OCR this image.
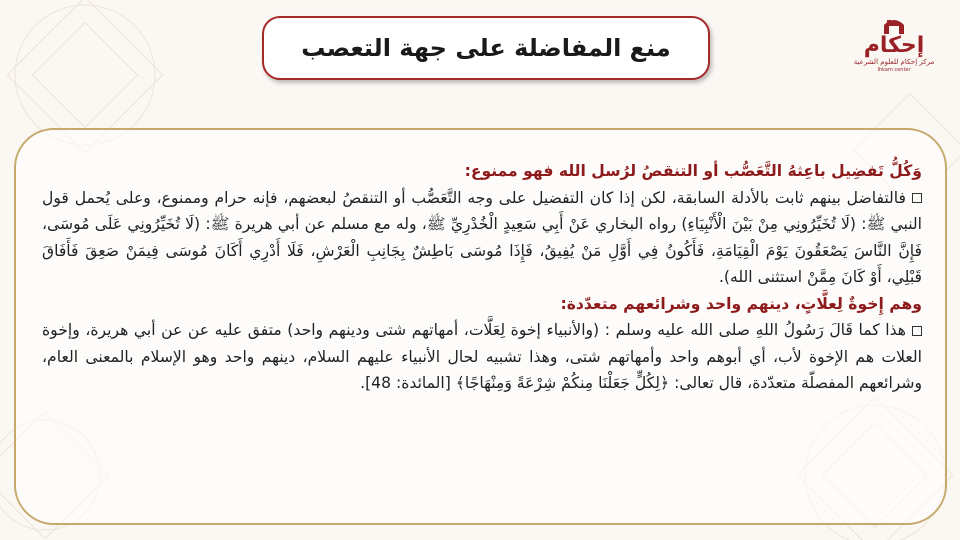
منع المفاضلة على جهة التعصب	إحكام
مركز إحكام للعلوم الشرعية
Ihkam center

وَكُلُّ تَفضِيل باعِثهُ التَّعَصُّب أو التنقصُ لرُسل الله فهو ممنوع:

فالتفاضل بينهم ثابت بالأدلة السابقة، لكن إذا كان التفضيل على وجه التَّعَصُّب أو التنقصُ لبعضهم، فإنه حرام وممنوع، وعلى يُحمل قول النبي ﷺ: (لَا تُخَيِّرُونِي مِنْ بَيْنَ الْأَنْبِيَاءِ) رواه البخاري عَنْ أَبِي سَعِيدٍ الْخُدْرِيِّ ﷺ، وله مع مسلم عن أبي هريرة ﷺ: (لَا تُخَيِّرُونِي عَلَى مُوسَى، فَإِنَّ النَّاسَ يَصْعَقُونَ يَوْمَ الْقِيَامَةِ، فَأَكُونُ فِي أَوَّلِ مَنْ يُفِيقُ، فَإِذَا مُوسَى بَاطِشٌ بِجَانِبِ الْعَرْشِ، فَلَا أَدْرِي أَكَانَ مُوسَى فِيمَنْ صَعِقَ فَأَفَاقَ قَبْلِي، أَوْ كَانَ مِمَّنْ استثنى الله).

وهم إِخوةٌ لِعلَّاتٍ، دينهم واحد وشرائعهم متعدّدة:

هذا كما قَالَ رَسُولُ اللهِ صلى الله عليه وسلم : (والأنبياء إخوة لِعَلَّات، أمهاتهم شتى ودينهم واحد) متفق عليه عن عن أبي هريرة، وإخوة العلات هم الإخوة لأب، أي أبوهم واحد وأمهاتهم شتى، وهذا تشبيه لحال الأنبياء عليهم السلام، دينهم واحد وهو الإسلام بالمعنى العام، وشرائعهم المفصلّة متعدّدة، قال تعالى: ﴿لِكُلٍّ جَعَلْنَا مِنكُمْ شِرْعَةً وَمِنْهَاجًا﴾ [المائدة: 48].
